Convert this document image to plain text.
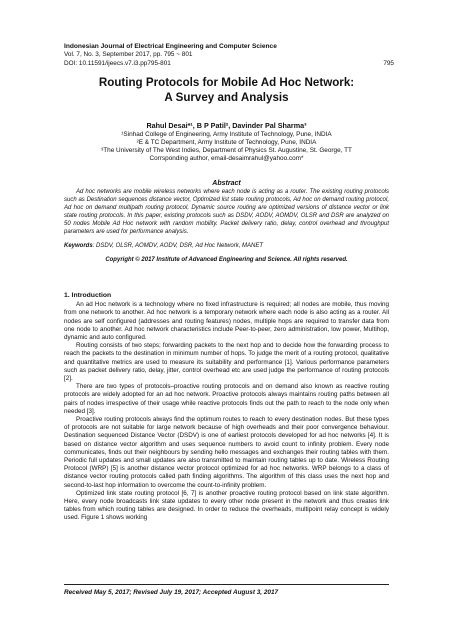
Indonesian Journal of Electrical Engineering and Computer Science
Vol. 7, No. 3, September 2017, pp. 795 ~ 801
DOI: 10.11591/ijeecs.v7.i3.pp795-801	795
Routing Protocols for Mobile Ad Hoc Network:
A Survey and Analysis
Rahul Desai*¹, B P Patil², Davinder Pal Sharma³
¹Sinhad College of Engineering, Army Institute of Technology, Pune, INDIA
²E & TC Department, Army Institute of Technology, Pune, INDIA
³The University of The West Indies, Department of Physics St. Augustine, St. George, TT
Corrsponding author, email-desaimrahul@yahoo.com*
Abstract
Ad hoc networks are mobile wireless networks where each node is acting as a router. The existing routing protocols such as Destination sequences distance vector, Optimized list state routing protocols, Ad hoc on demand routing protocol, Ad hoc on demand multipath routing protocol, Dynamic source routing are optimized versions of distance vector or link state routing protocols. In this paper, existing protocols such as DSDV, AODV, AOMDV, OLSR and DSR are analyzed on 50 nodes Mobile Ad Hoc network with random mobility. Packet delivery ratio, delay, control overhead and throughput parameters are used for performance analysis.
Keywords: DSDV, OLSR, AOMDV, AODV, DSR, Ad Hoc Network, MANET
Copyright © 2017 Institute of Advanced Engineering and Science. All rights reserved.
1. Introduction

An ad Hoc network is a technology where no fixed infrastructure is required; all nodes are mobile, thus moving from one network to another. Ad hoc network is a temporary network where each node is also acting as a router. All nodes are self configured (addresses and routing features) nodes, multiple hops are required to transfer data from one node to another. Ad hoc network characteristics include Peer-to-peer, zero administration, low power, Multihop, dynamic and auto configured.

Routing consists of two steps; forwarding packets to the next hop and to decide how the forwarding process to reach the packets to the destination in minimum number of hops. To judge the merit of a routing protocol, qualitative and quantitative metrics are used to measure its suitability and performance [1]. Various performance parameters such as packet delivery ratio, delay, jitter, control overhead etc are used judge the performance of routing protocols [2].

There are two types of protocols–proactive routing protocols and on demand also known as reactive routing protocols are widely adopted for an ad hoc network. Proactive protocols always maintains routing paths between all pairs of nodes irrespective of their usage while reactive protocols finds out the path to reach to the node only when needed [3].

Proactive routing protocols always find the optimum routes to reach to every destination nodes. But these types of protocols are not suitable for large network because of high overheads and their poor convergence behaviour. Destination sequenced Distance Vector (DSDV) is one of earliest protocols developed for ad hoc networks [4]. It is based on distance vector algorithm and uses sequence numbers to avoid count to infinity problem. Every node communicates, finds out their neighbours by sending hello messages and exchanges their routing tables with them. Periodic full updates and small updates are also transmitted to maintain routing tables up to date. Wireless Routing Protocol (WRP) [5] is another distance vector protocol optimized for ad hoc networks. WRP belongs to a class of distance vector routing protocols called path finding algorithms. The algorithm of this class uses the next hop and second-to-last hop information to overcome the count-to-infinity problem.

Optimized link state routing protocol [6, 7] is another proactive routing protocol based on link state algorithm. Here, every node broadcasts link state updates to every other node present in the network and thus creates link tables from which routing tables are designed. In order to reduce the overheads, multipoint relay concept is widely used. Figure 1 shows working

Received May 5, 2017; Revised July 19, 2017; Accepted August 3, 2017
